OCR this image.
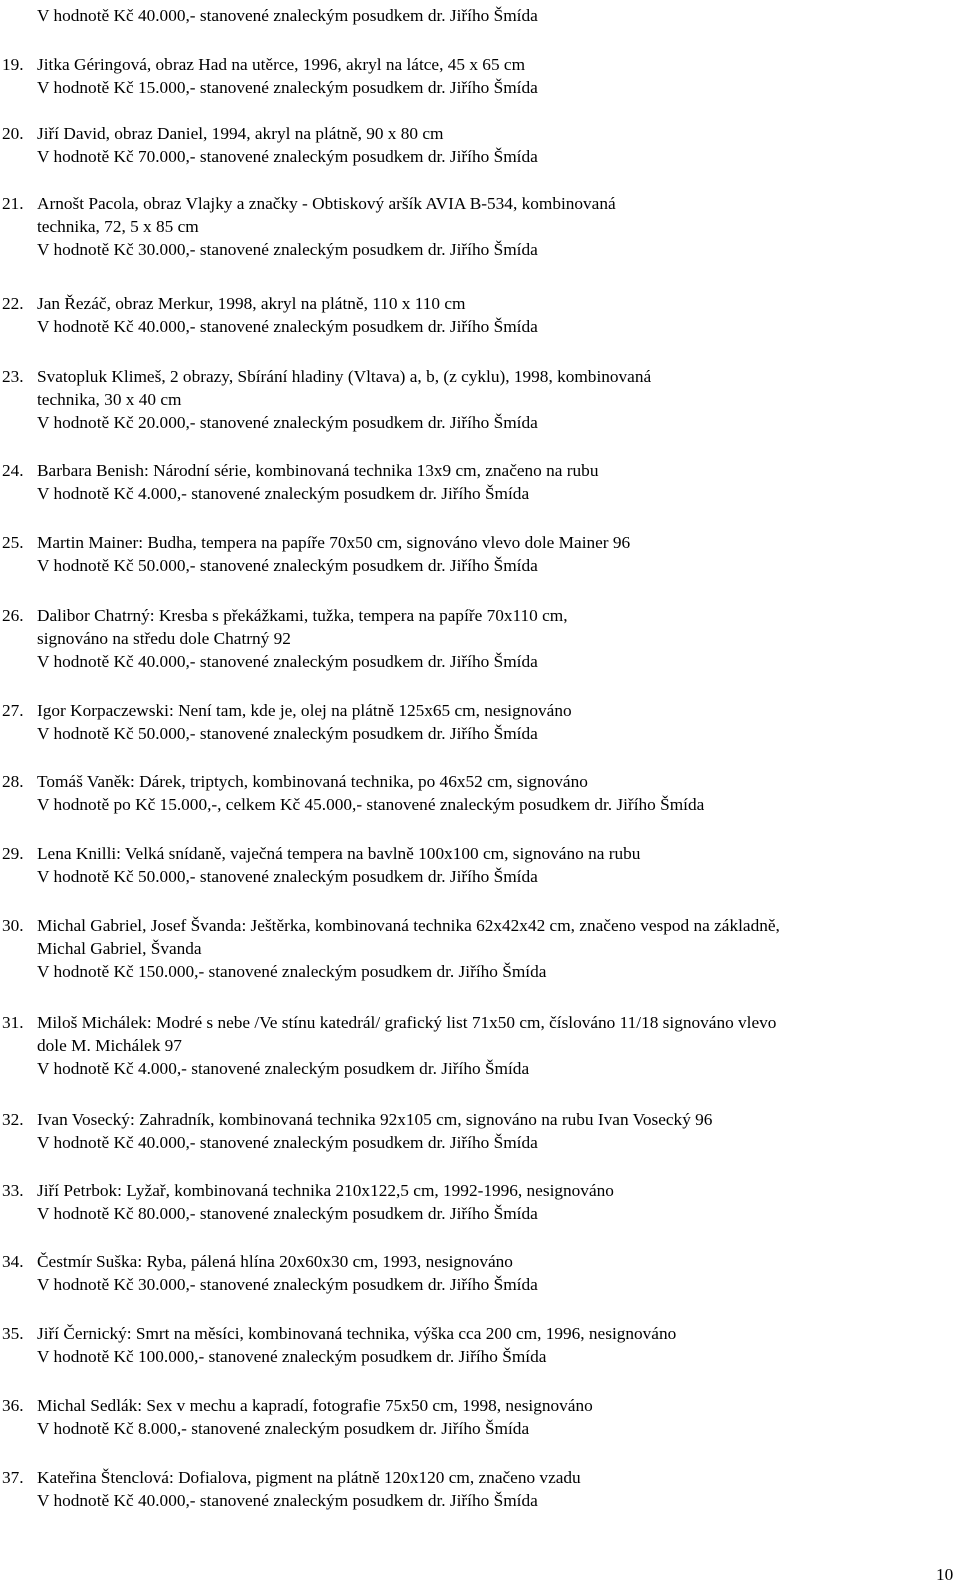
V hodnotě Kč 40.000,- stanovené znaleckým posudkem dr. Jiřího Šmída

19. Jitka Géringová, obraz Had na utěrce, 1996, akryl na látce, 45 x 65 cm
V hodnotě Kč 15.000,- stanovené znaleckým posudkem dr. Jiřího Šmída
20. Jiří David, obraz Daniel, 1994, akryl na plátně, 90 x 80 cm
V hodnotě Kč 70.000,- stanovené znaleckým posudkem dr. Jiřího Šmída
21. Arnošt Pacola, obraz Vlajky a značky - Obtiskový aršík AVIA B-534, kombinovaná
technika, 72, 5 x 85 cm
V hodnotě Kč 30.000,- stanovené znaleckým posudkem dr. Jiřího Šmída
22. Jan Řezáč, obraz Merkur, 1998, akryl na plátně, 110 x 110 cm
V hodnotě Kč 40.000,- stanovené znaleckým posudkem dr. Jiřího Šmída
23. Svatopluk Klimeš, 2 obrazy, Sbírání hladiny (Vltava) a, b, (z cyklu), 1998, kombinovaná
technika, 30 x 40 cm
V hodnotě Kč 20.000,- stanovené znaleckým posudkem dr. Jiřího Šmída
24. Barbara Benish: Národní série, kombinovaná technika 13x9 cm, značeno na rubu
V hodnotě Kč 4.000,- stanovené znaleckým posudkem dr. Jiřího Šmída
25. Martin Mainer: Budha, tempera na papíře 70x50 cm, signováno vlevo dole Mainer 96
V hodnotě Kč 50.000,- stanovené znaleckým posudkem dr. Jiřího Šmída
26. Dalibor Chatrný: Kresba s překážkami, tužka, tempera na papíře 70x110 cm,
signováno na středu dole Chatrný 92
V hodnotě Kč 40.000,- stanovené znaleckým posudkem dr. Jiřího Šmída
27. Igor Korpaczewski: Není tam, kde je, olej na plátně 125x65 cm, nesignováno
V hodnotě Kč 50.000,- stanovené znaleckým posudkem dr. Jiřího Šmída
28. Tomáš Vaněk: Dárek, triptych, kombinovaná technika, po 46x52 cm, signováno
V hodnotě po Kč 15.000,-, celkem Kč 45.000,- stanovené znaleckým posudkem dr. Jiřího Šmída
29. Lena Knilli: Velká snídaně, vaječná tempera na bavlně 100x100 cm, signováno na rubu
V hodnotě Kč 50.000,- stanovené znaleckým posudkem dr. Jiřího Šmída
30. Michal Gabriel, Josef Švanda: Ještěrka, kombinovaná technika 62x42x42 cm, značeno vespod na základně,
Michal Gabriel, Švanda
V hodnotě Kč 150.000,- stanovené znaleckým posudkem dr. Jiřího Šmída
31. Miloš Michálek: Modré s nebe /Ve stínu katedrál/ grafický list 71x50 cm, číslováno 11/18 signováno vlevo
dole M. Michálek 97
V hodnotě Kč 4.000,- stanovené znaleckým posudkem dr. Jiřího Šmída
32. Ivan Vosecký: Zahradník, kombinovaná technika 92x105 cm, signováno na rubu Ivan Vosecký 96
V hodnotě Kč 40.000,- stanovené znaleckým posudkem dr. Jiřího Šmída
33. Jiří Petrbok: Lyžař, kombinovaná technika 210x122,5 cm, 1992-1996, nesignováno
V hodnotě Kč 80.000,- stanovené znaleckým posudkem dr. Jiřího Šmída
34. Čestmír Suška: Ryba, pálená hlína 20x60x30 cm, 1993, nesignováno
V hodnotě Kč 30.000,- stanovené znaleckým posudkem dr. Jiřího Šmída
35. Jiří Černický: Smrt na měsíci, kombinovaná technika, výška cca 200 cm, 1996, nesignováno
V hodnotě Kč 100.000,- stanovené znaleckým posudkem dr. Jiřího Šmída
36. Michal Sedlák: Sex v mechu a kapradí, fotografie 75x50 cm, 1998, nesignováno
V hodnotě Kč 8.000,- stanovené znaleckým posudkem dr. Jiřího Šmída
37. Kateřina Štenclová: Dofialova, pigment na plátně 120x120 cm, značeno vzadu
V hodnotě Kč 40.000,- stanovené znaleckým posudkem dr. Jiřího Šmída
10
